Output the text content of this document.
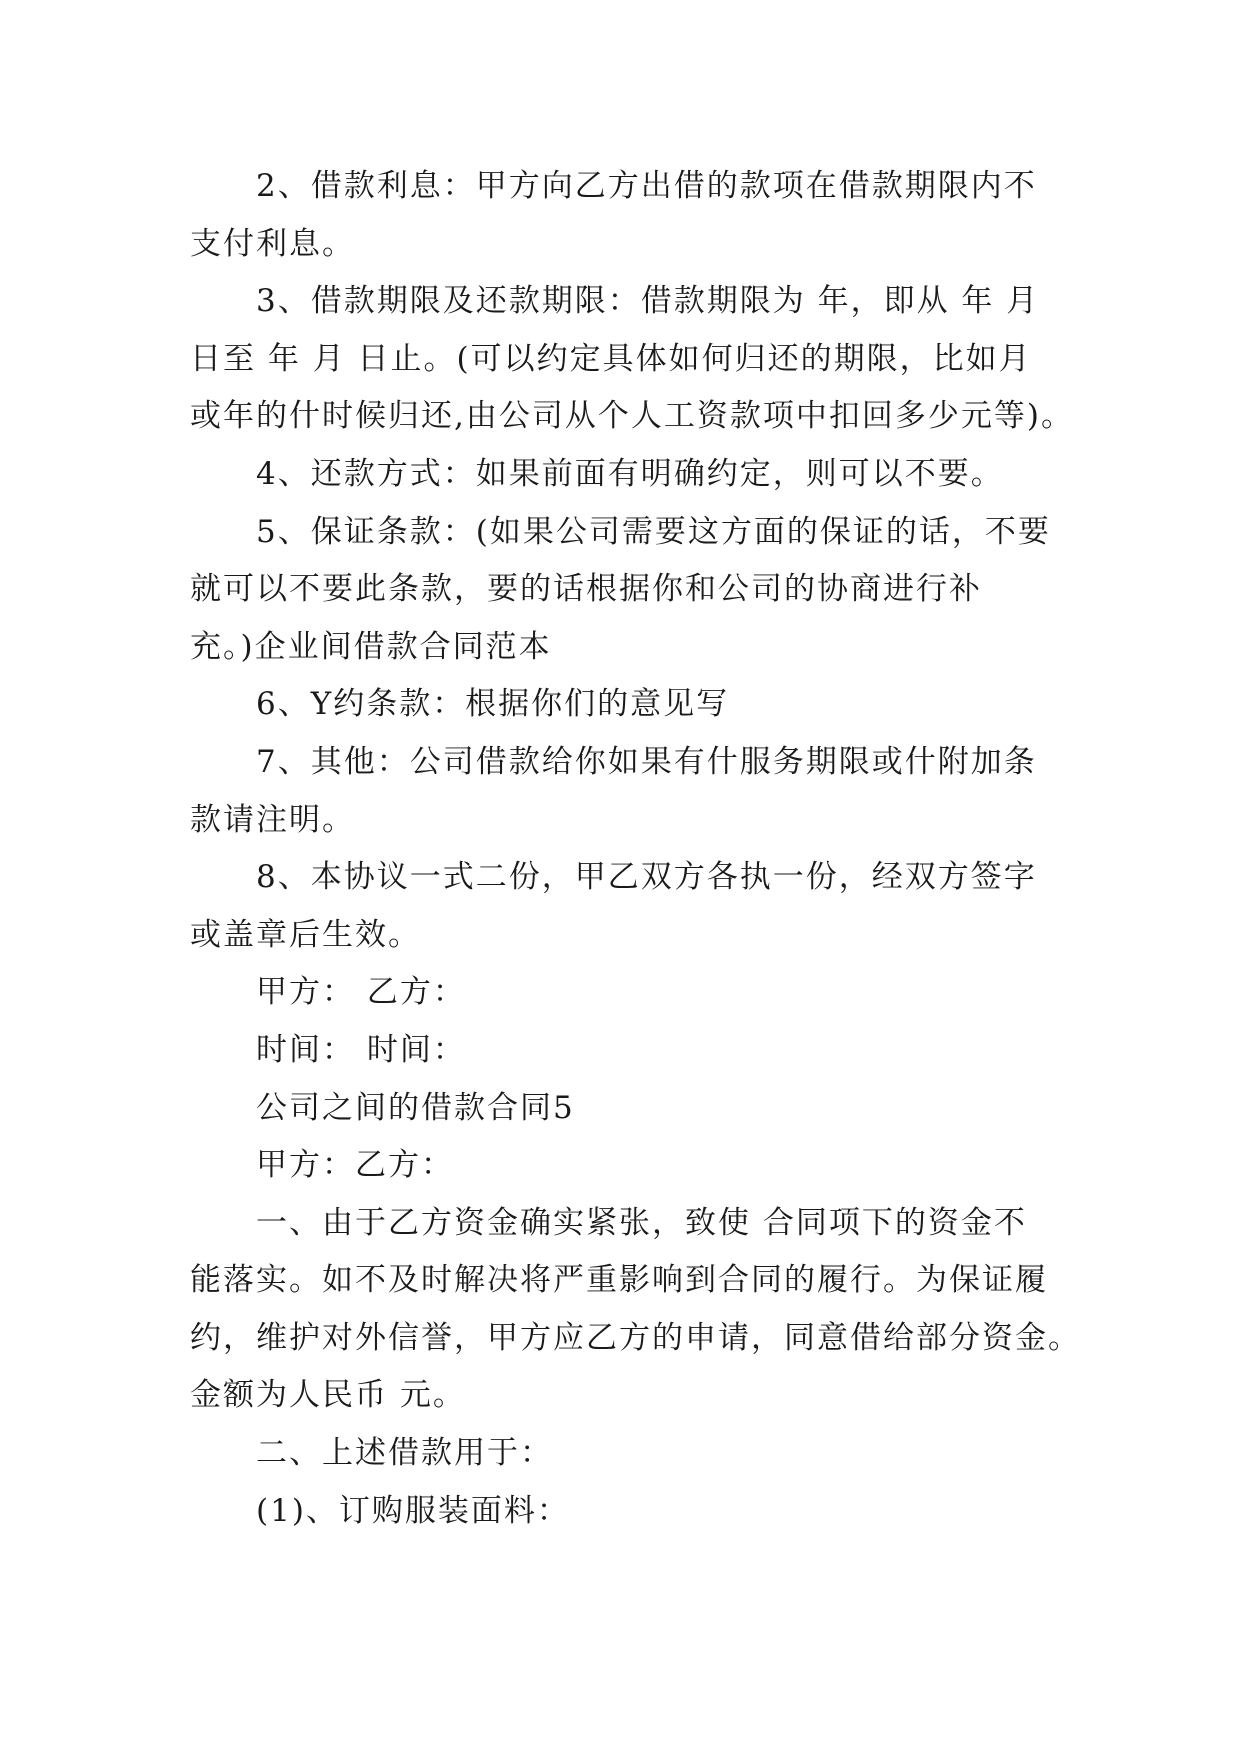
2、借款利息：甲方向乙方出借的款项在借款期限内不
支付利息。

3、借款期限及还款期限：借款期限为 年，即从 年 月
日至 年 月 日止。(可以约定具体如何归还的期限，比如月
或年的什时候归还,由公司从个人工资款项中扣回多少元等)。

4、还款方式：如果前面有明确约定，则可以不要。

5、保证条款：(如果公司需要这方面的保证的话，不要
就可以不要此条款，要的话根据你和公司的协商进行补
充。)企业间借款合同范本

6、Y约条款：根据你们的意见写

7、其他：公司借款给你如果有什服务期限或什附加条
款请注明。

8、本协议一式二份，甲乙双方各执一份，经双方签字
或盖章后生效。

甲方： 乙方：

时间： 时间：

公司之间的借款合同5

甲方：乙方：

一、由于乙方资金确实紧张，致使 合同项下的资金不
能落实。如不及时解决将严重影响到合同的履行。为保证履
约，维护对外信誉，甲方应乙方的申请，同意借给部分资金。
金额为人民币 元。

二、上述借款用于：

(1)、订购服装面料：
